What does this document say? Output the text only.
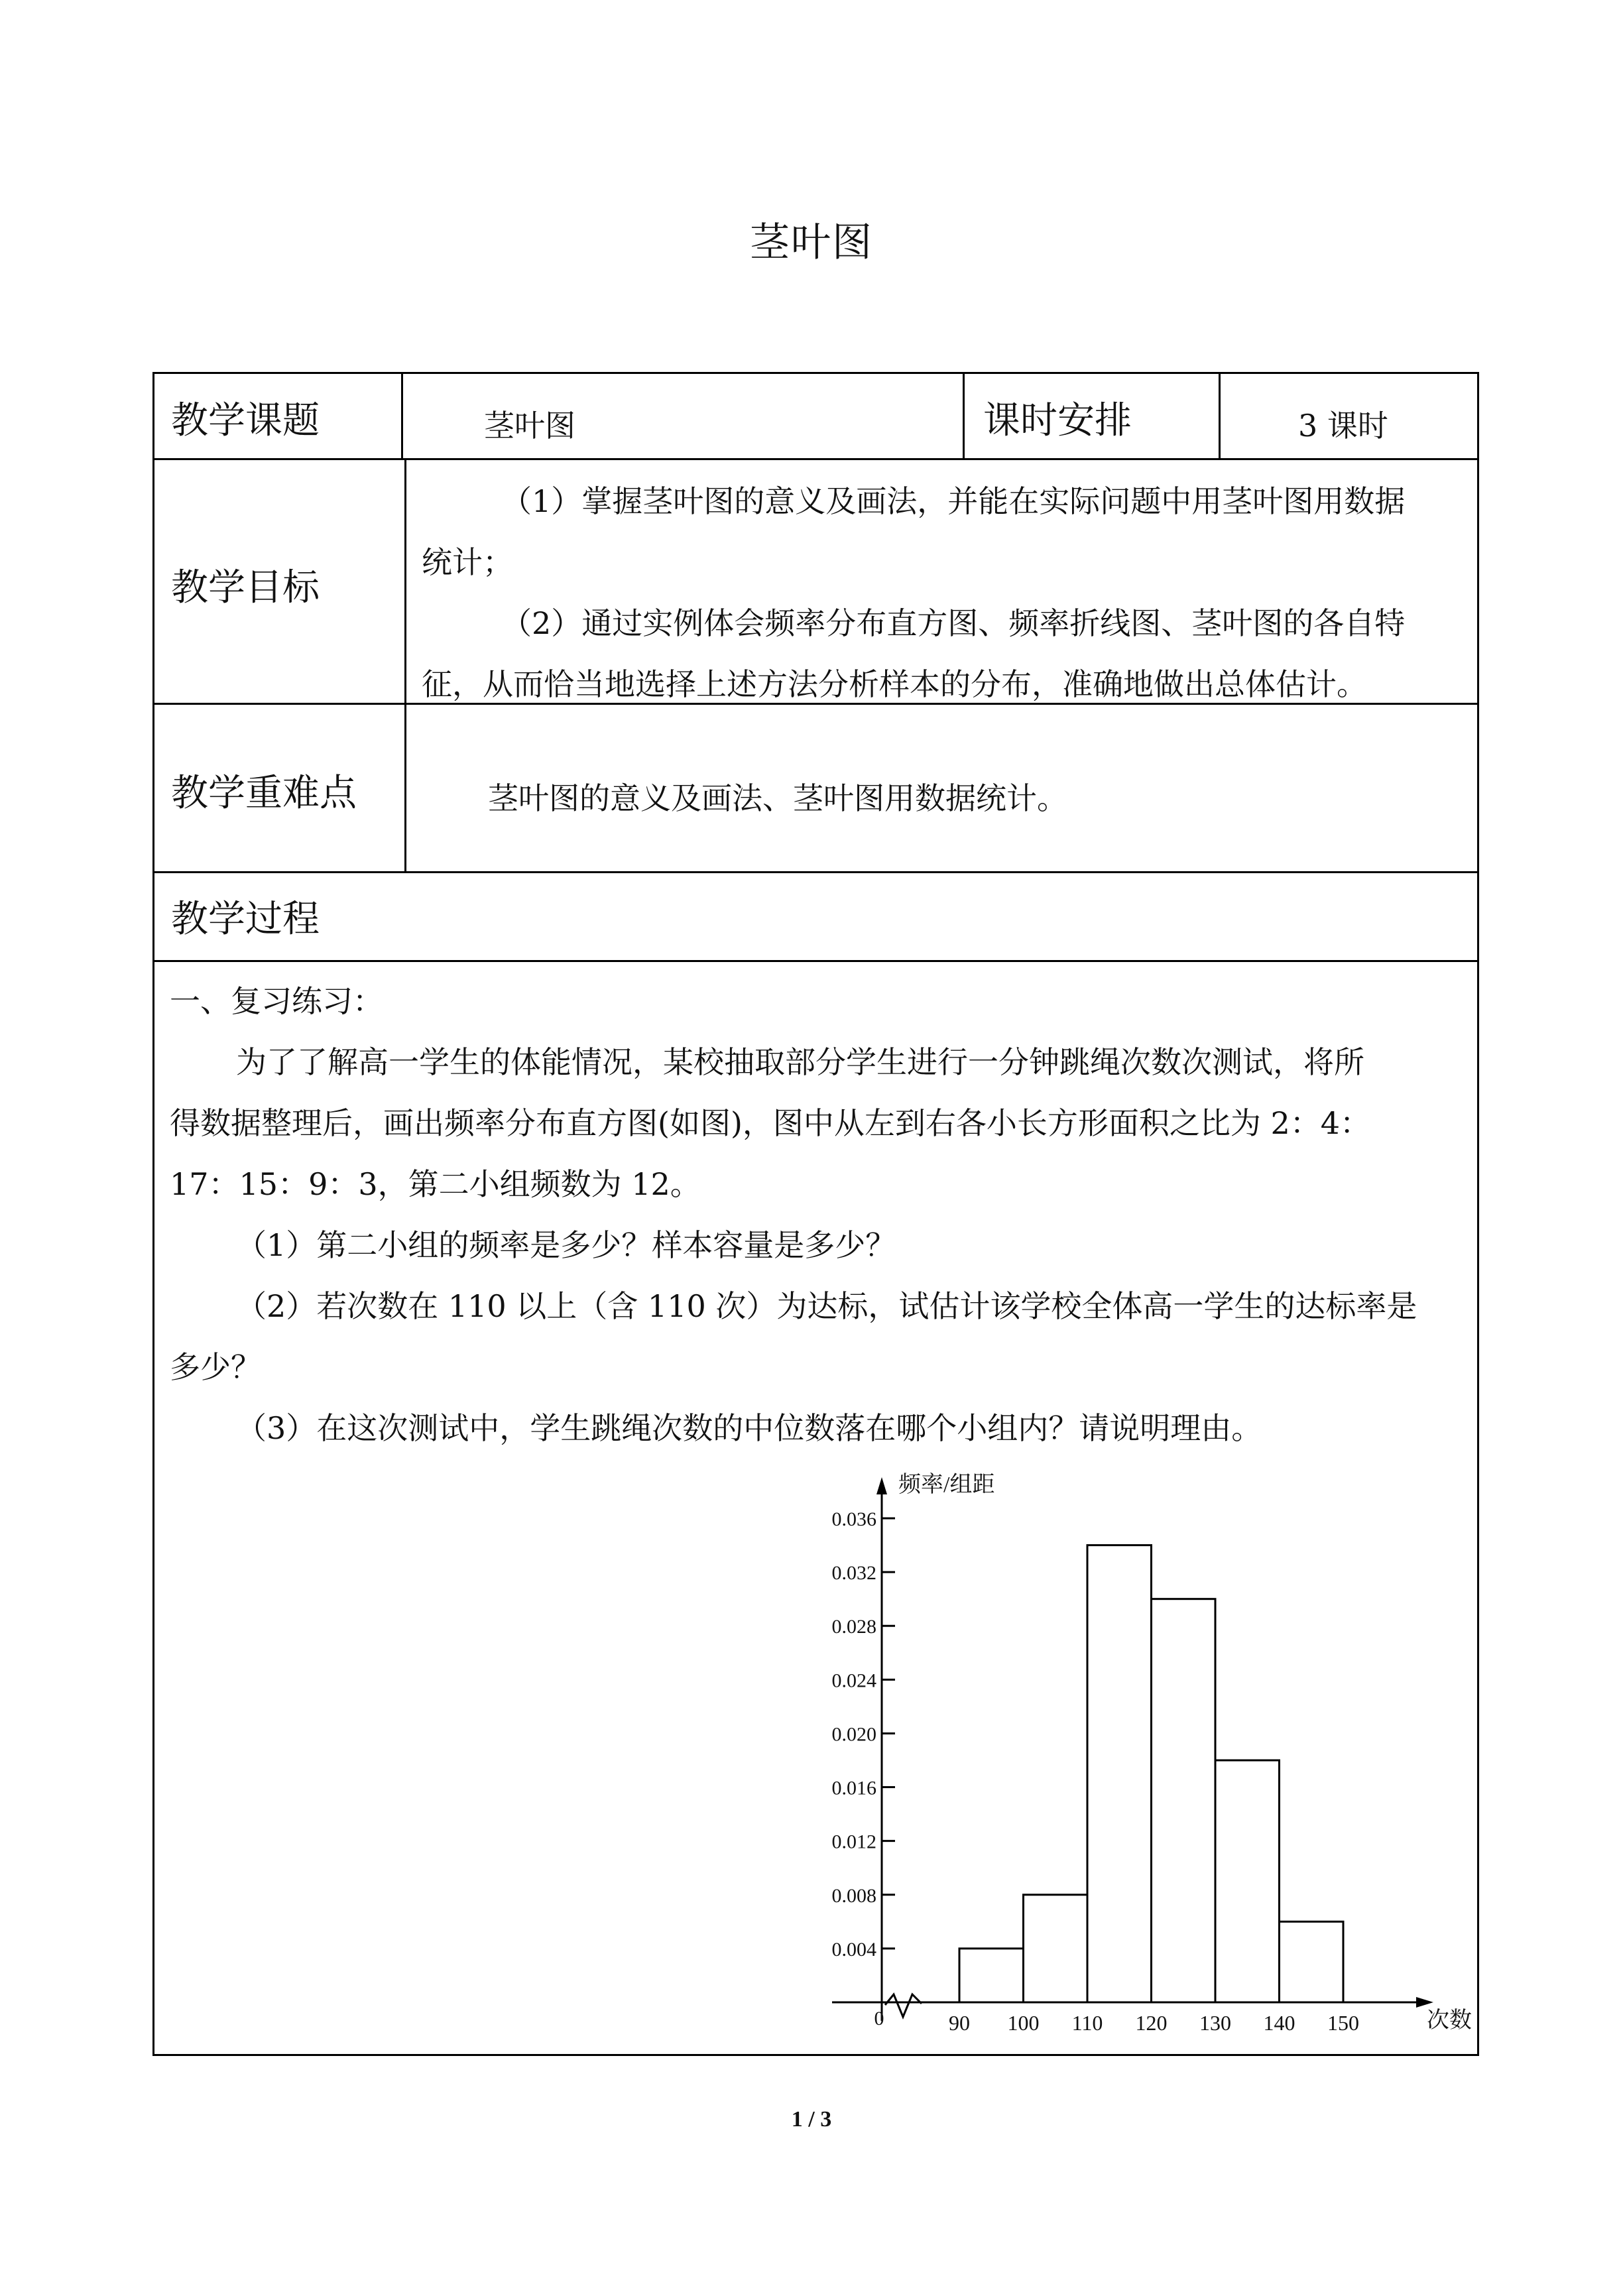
茎叶图
教学课题	茎叶图	课时安排	3 课时
教学目标
（1）掌握茎叶图的意义及画法，并能在实际问题中用茎叶图用数据
统计；
（2）通过实例体会频率分布直方图、频率折线图、茎叶图的各自特
征，从而恰当地选择上述方法分析样本的分布，准确地做出总体估计。
教学重难点	茎叶图的意义及画法、茎叶图用数据统计。
教学过程
一、复习练习：
为了了解高一学生的体能情况，某校抽取部分学生进行一分钟跳绳次数次测试，将所
得数据整理后，画出频率分布直方图(如图)，图中从左到右各小长方形面积之比为 2：4：
17：15：9：3，第二小组频数为 12。
（1）第二小组的频率是多少？样本容量是多少？
（2）若次数在 110 以上（含 110 次）为达标，试估计该学校全体高一学生的达标率是
多少？
（3）在这次测试中，学生跳绳次数的中位数落在哪个小组内？请说明理由。
0.004
0.008
0.012
0.016
0.020
0.024
0.028
0.032
0.036
0
频率/组距
次数
90 100 110 120 130 140 150
1 / 3
